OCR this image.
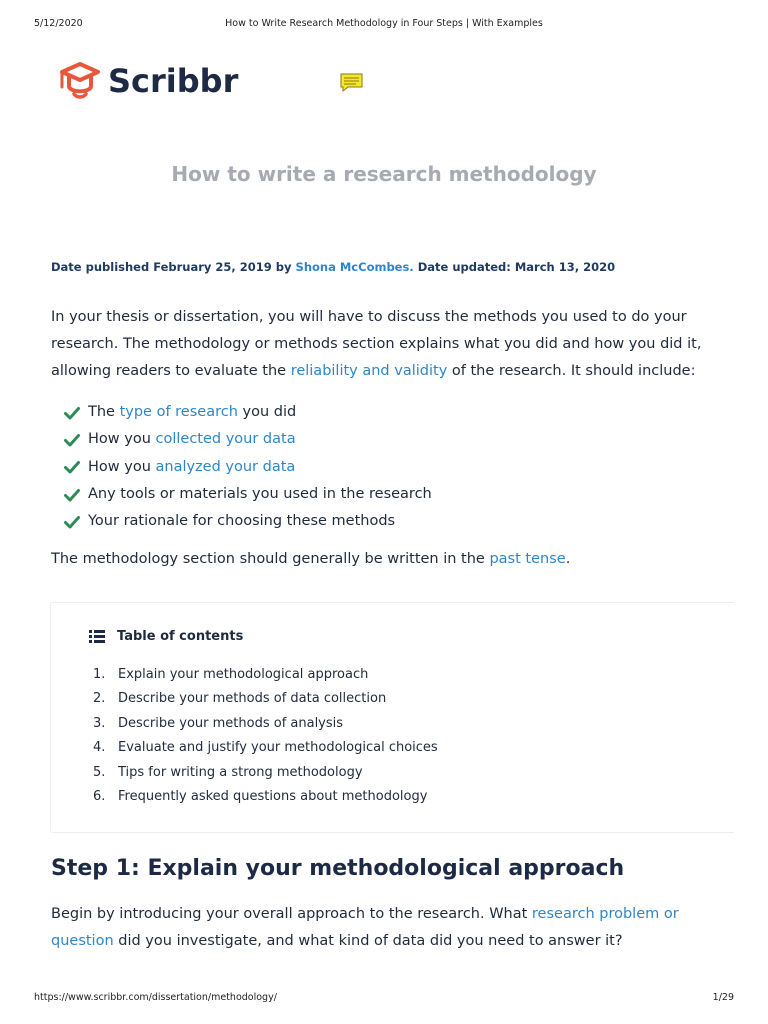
5/12/2020	How to Write Research Methodology in Four Steps | With Examples
Scribbr
How to write a research methodology
Date published February 25, 2019 by Shona McCombes. Date updated: March 13, 2020

In your thesis or dissertation, you will have to discuss the methods you used to do your research. The methodology or methods section explains what you did and how you did it, allowing readers to evaluate the reliability and validity of the research. It should include:

The
type of research
you did
How you
collected your data
How you
analyzed your data
Any tools or materials you used in the research
Your rationale for choosing these methods

The methodology section should generally be written in the past tense.

Table of contents
1. Explain your methodological approach
2. Describe your methods of data collection
3. Describe your methods of analysis
4. Evaluate and justify your methodological choices
5. Tips for writing a strong methodology
6. Frequently asked questions about methodology
Step 1: Explain your methodological approach

Begin by introducing your overall approach to the research. What research problem or question did you investigate, and what kind of data did you need to answer it?

https://www.scribbr.com/dissertation/methodology/	1/29
